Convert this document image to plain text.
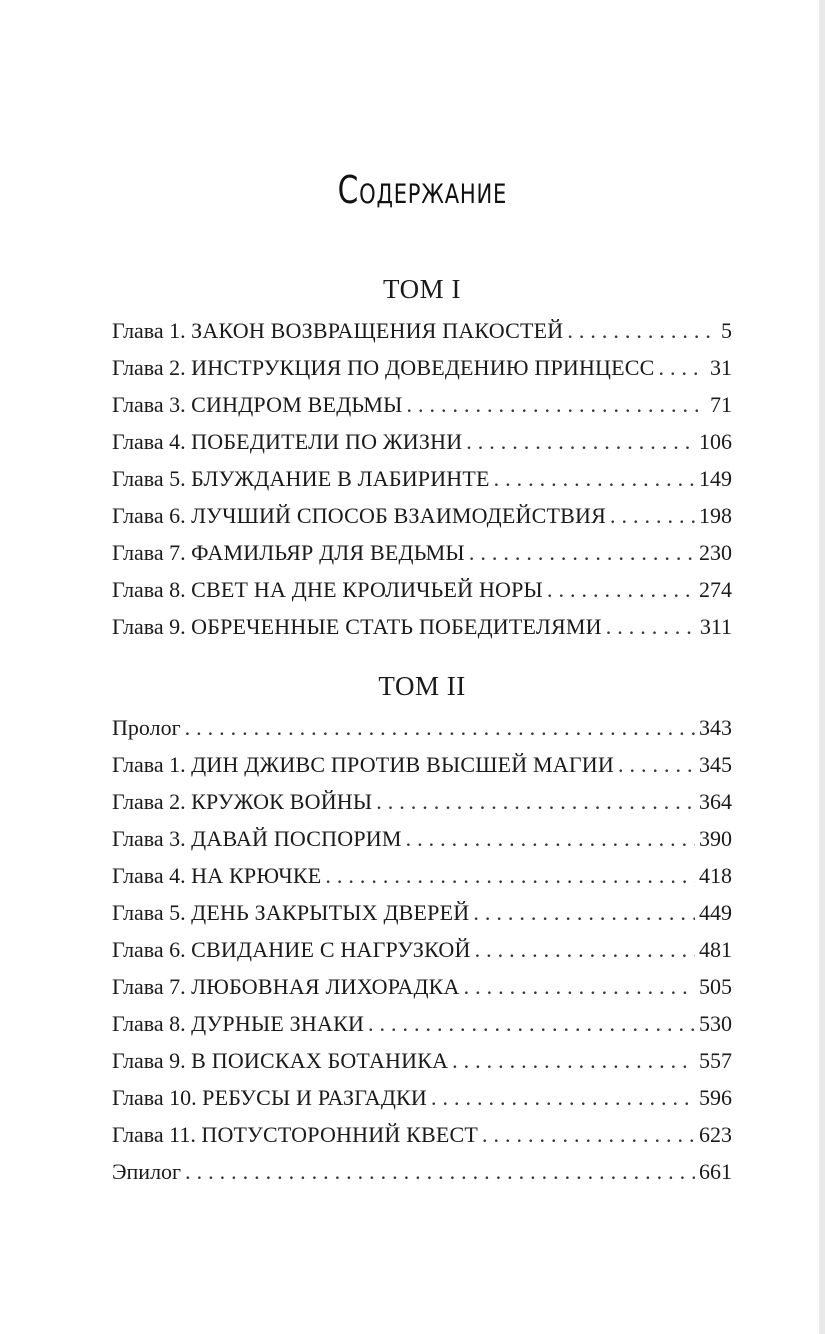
Содержание
ТОМ I
Глава 1. ЗАКОН ВОЗВРАЩЕНИЯ ПАКОСТЕЙ .....	5
Глава 2. ИНСТРУКЦИЯ ПО ДОВЕДЕНИЮ ПРИНЦЕСС .....	31
Глава 3. СИНДРОМ ВЕДЬМЫ .....	71
Глава 4. ПОБЕДИТЕЛИ ПО ЖИЗНИ .....	106
Глава 5. БЛУЖДАНИЕ В ЛАБИРИНТЕ .....	149
Глава 6. ЛУЧШИЙ СПОСОБ ВЗАИМОДЕЙСТВИЯ .....	198
Глава 7. ФАМИЛЬЯР ДЛЯ ВЕДЬМЫ .....	230
Глава 8. СВЕТ НА ДНЕ КРОЛИЧЬЕЙ НОРЫ .....	274
Глава 9. ОБРЕЧЕННЫЕ СТАТЬ ПОБЕДИТЕЛЯМИ .....	311
ТОМ II
Пролог .....	343
Глава 1. ДИН ДЖИВС ПРОТИВ ВЫСШЕЙ МАГИИ .....	345
Глава 2. КРУЖОК ВОЙНЫ .....	364
Глава 3. ДАВАЙ ПОСПОРИМ .....	390
Глава 4. НА КРЮЧКЕ .....	418
Глава 5. ДЕНЬ ЗАКРЫТЫХ ДВЕРЕЙ .....	449
Глава 6. СВИДАНИЕ С НАГРУЗКОЙ .....	481
Глава 7. ЛЮБОВНАЯ ЛИХОРАДКА .....	505
Глава 8. ДУРНЫЕ ЗНАКИ .....	530
Глава 9. В ПОИСКАХ БОТАНИКА .....	557
Глава 10. РЕБУСЫ И РАЗГАДКИ .....	596
Глава 11. ПОТУСТОРОННИЙ КВЕСТ .....	623
Эпилог .....	661
